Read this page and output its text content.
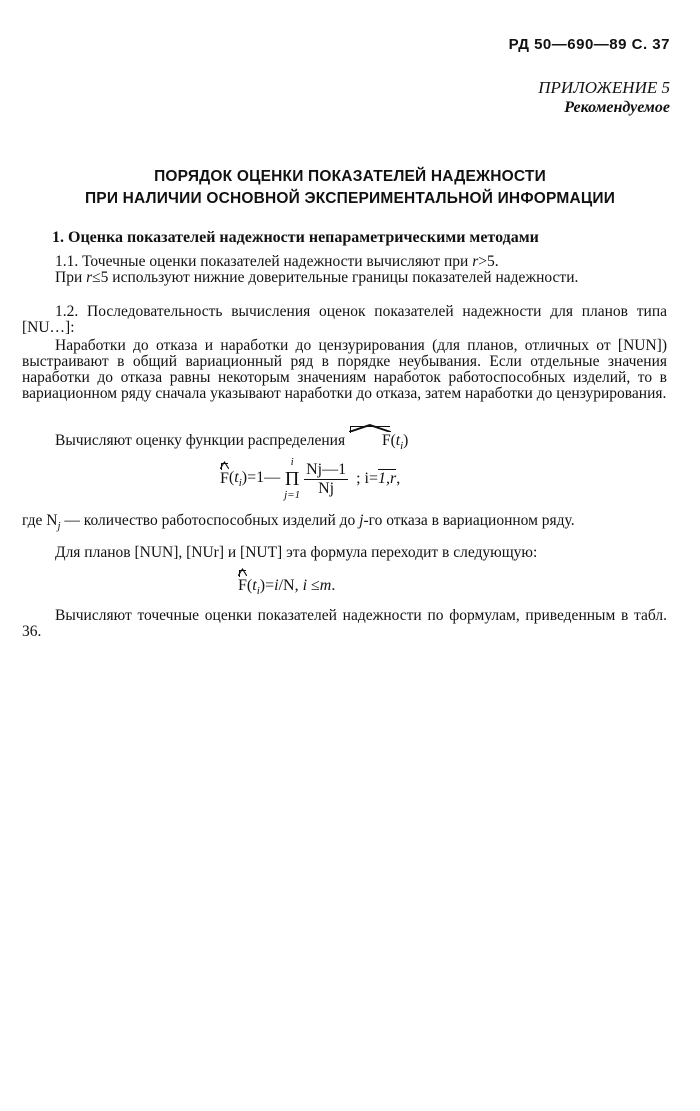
РД 50—690—89 С. 37
ПРИЛОЖЕНИЕ 5
Рекомендуемое
ПОРЯДОК ОЦЕНКИ ПОКАЗАТЕЛЕЙ НАДЕЖНОСТИ
ПРИ НАЛИЧИИ ОСНОВНОЙ ЭКСПЕРИМЕНТАЛЬНОЙ ИНФОРМАЦИИ
1. Оценка показателей надежности непараметрическими методами
1.1. Точечные оценки показателей надежности вычисляют при r>5.
При r≤5 используют нижние доверительные границы показателей надежности.
1.2. Последовательность вычисления оценок показателей надежности для планов типа [NU…]:
Наработки до отказа и наработки до цензурирования (для планов, отличных от [NUN]) выстраивают в общий вариационный ряд в порядке неубывания. Если отдельные значения наработки до отказа равны некоторым значениям наработок работоспособных изделий, то в вариационном ряду сначала указывают наработки до отказа, затем наработки до цензурирования.
Вычисляют оценку функции распределения $F(t_i)$
$F(t_i)=1—$
i
Π
j=1
$\frac{Nj—1}{Nj}$ ; i=1,r,
где $N_j$ — количество работоспособных изделий до j-го отказа в вариационном ряду.
Для планов [NUN], [NUr] и [NUT] эта формула переходит в следующую:
$F(t_i)=i/N$, i ≤m.
Вычисляют точечные оценки показателей надежности по формулам, приведенным в табл. 36.
